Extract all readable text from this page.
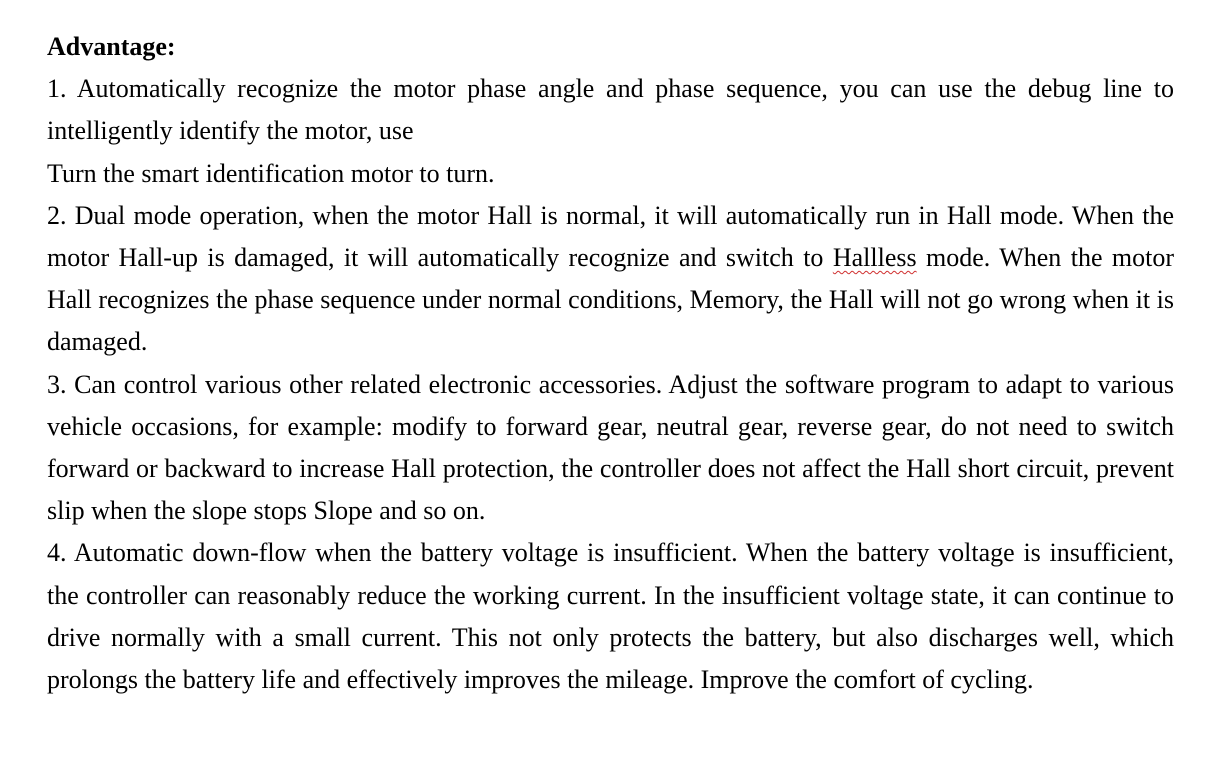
Advantage:

1. Automatically recognize the motor phase angle and phase sequence, you can use the debug line to intelligently identify the motor, use

Turn the smart identification motor to turn.

2. Dual mode operation, when the motor Hall is normal, it will automatically run in Hall mode. When the motor Hall-up is damaged, it will automatically recognize and switch to Hallless mode. When the motor Hall recognizes the phase sequence under normal conditions, Memory, the Hall will not go wrong when it is damaged.

3. Can control various other related electronic accessories. Adjust the software program to adapt to various vehicle occasions, for example: modify to forward gear, neutral gear, reverse gear, do not need to switch forward or backward to increase Hall protection, the controller does not affect the Hall short circuit, prevent slip when the slope stops Slope and so on.

4. Automatic down-flow when the battery voltage is insufficient. When the battery voltage is insufficient, the controller can reasonably reduce the working current. In the insufficient voltage state, it can continue to drive normally with a small current. This not only protects the battery, but also discharges well, which prolongs the battery life and effectively improves the mileage. Improve the comfort of cycling.
